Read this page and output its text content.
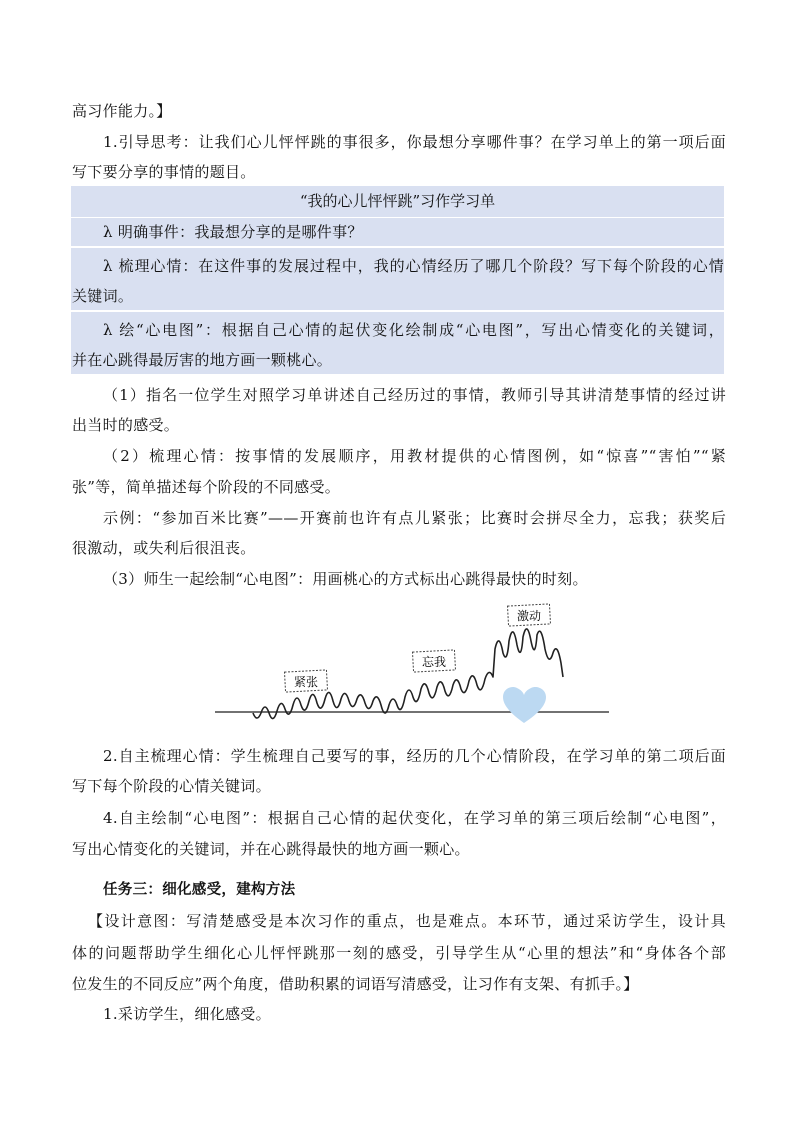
高习作能力。】
1.引导思考：让我们心儿怦怦跳的事很多，你最想分享哪件事？在学习单上的第一项后面
写下要分享的事情的题目。
“我的心儿怦怦跳”习作学习单
λ 明确事件：我最想分享的是哪件事？
λ 梳理心情：在这件事的发展过程中，我的心情经历了哪几个阶段？写下每个阶段的心情
关键词。
λ 绘“心电图”：根据自己心情的起伏变化绘制成“心电图”，写出心情变化的关键词，
并在心跳得最厉害的地方画一颗桃心。
（1）指名一位学生对照学习单讲述自己经历过的事情，教师引导其讲清楚事情的经过讲
出当时的感受。
（2）梳理心情：按事情的发展顺序，用教材提供的心情图例，如“惊喜”“害怕”“紧
张”等，简单描述每个阶段的不同感受。
示例：“参加百米比赛”——开赛前也许有点儿紧张；比赛时会拼尽全力，忘我；获奖后
很激动，或失利后很沮丧。
（3）师生一起绘制“心电图”：用画桃心的方式标出心跳得最快的时刻。
紧张
忘我
激动
2.自主梳理心情：学生梳理自己要写的事，经历的几个心情阶段，在学习单的第二项后面
写下每个阶段的心情关键词。
4.自主绘制“心电图”：根据自己心情的起伏变化，在学习单的第三项后绘制“心电图”，
写出心情变化的关键词，并在心跳得最快的地方画一颗心。
任务三：细化感受，建构方法
【设计意图：写清楚感受是本次习作的重点，也是难点。本环节，通过采访学生，设计具
体的问题帮助学生细化心儿怦怦跳那一刻的感受，引导学生从“心里的想法”和“身体各个部
位发生的不同反应”两个角度，借助积累的词语写清感受，让习作有支架、有抓手。】
1.采访学生，细化感受。
